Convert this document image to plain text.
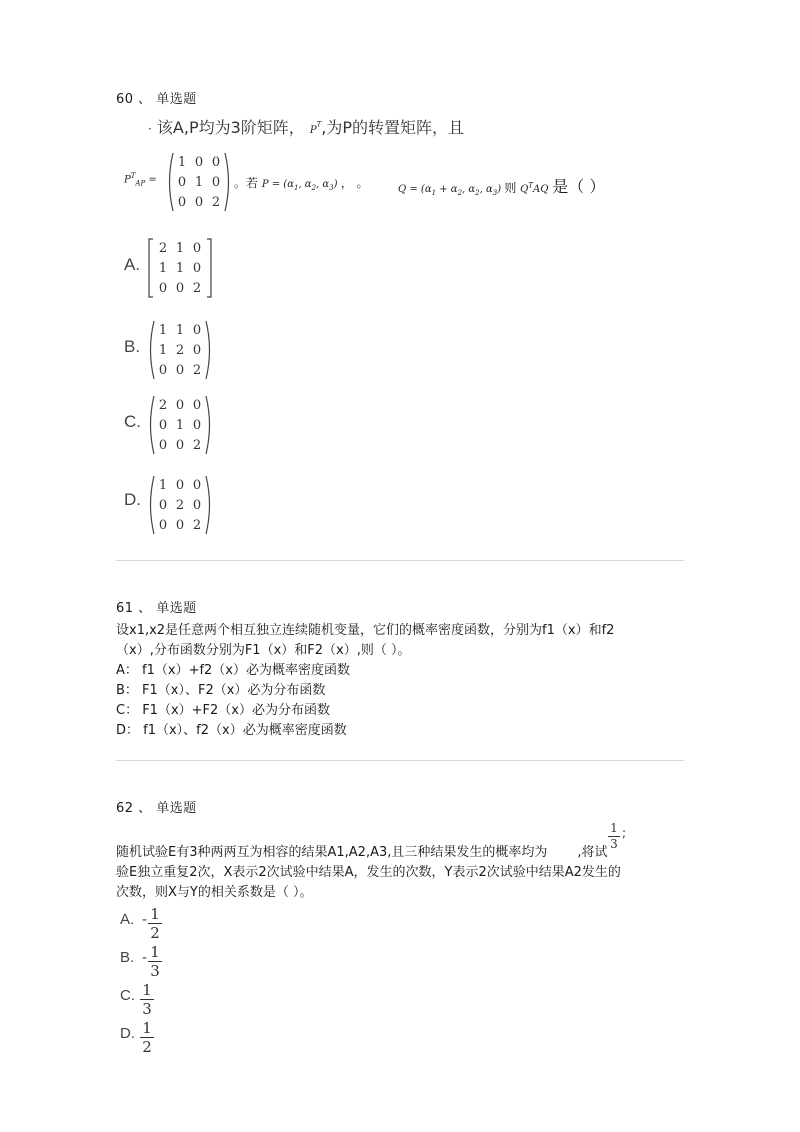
60 、 单选题
· 该A,P均为3阶矩阵， $P^T$,为P的转置矩阵，且
$P^T_{AP}$ =
1 0 0
0 1 0
0 0 2
。若 $P = (\alpha_1$, $\alpha_2$, $\alpha_3$) ， 。	$Q = (\alpha_1 + \alpha_2$, $\alpha_2$, $\alpha_3$) 则 $Q^TAQ$ 是（ ）
A.
2 1 0
1 1 0
0 0 2
B.
1 1 0
1 2 0
0 0 2
C.
2 0 0
0 1 0
0 0 2
D.
1 0 0
0 2 0
0 0 2
61 、 单选题
设x1,x2是任意两个相互独立连续随机变量，它们的概率密度函数，分别为f1（x）和f2
（x）,分布函数分别为F1（x）和F2（x）,则（ ）。
A： f1（x）+f2（x）必为概率密度函数
B： F1（x）、F2（x）必为分布函数
C： F1（x）+F2（x）必为分布函数
D： f1（x）、f2（x）必为概率密度函数
62 、 单选题
1
3
;
随机试验E有3种两两互为相容的结果A1,A2,A3,且三种结果发生的概率均为 ,将试
验E独立重复2次，X表示2次试验中结果A，发生的次数，Y表示2次试验中结果A2发生的
次数，则X与Y的相关系数是（ ）。
A. - 1
2
B. - 1
3
C. 1
3
D. 1
2
